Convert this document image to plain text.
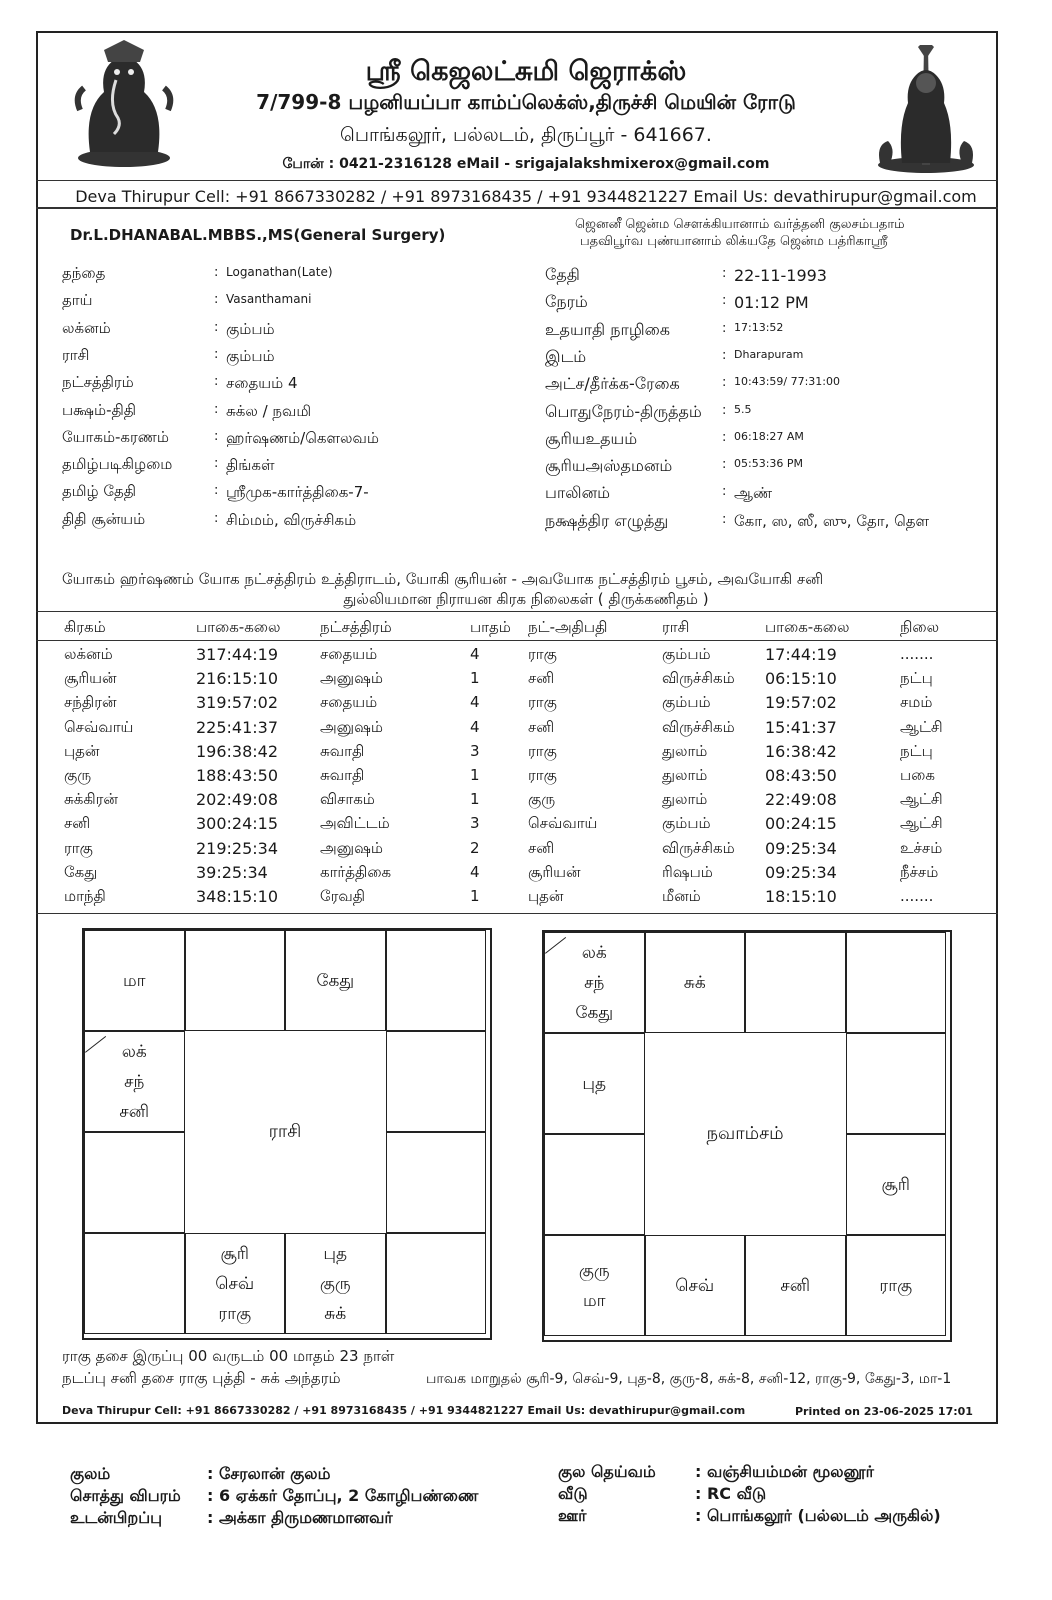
ஸ்ரீ கெஜலட்சுமி ஜெராக்ஸ்
7/799-8 பழனியப்பா காம்ப்லெக்ஸ்,திருச்சி மெயின் ரோடு
பொங்கலூர், பல்லடம், திருப்பூர் - 641667.
போன் : 0421-2316128 eMail - srigajalakshmixerox@gmail.com
Deva Thirupur Cell: +91 8667330282 / +91 8973168435 / +91 9344821227 Email Us: devathirupur@gmail.com
Dr.L.DHANABAL.MBBS.,MS(General Surgery)
ஜெனனீ ஜென்ம சௌக்கியானாம் வர்த்தனி குலசம்பதாம்
பதவிபூர்வ புண்யானாம் லிக்யதே ஜென்ம பத்ரிகாஸ்ரீ
தந்தை	: Loganathan(Late)
தாய்	: Vasanthamani
லக்னம்	: கும்பம்
ராசி	: கும்பம்
நட்சத்திரம்	: சதையம் 4
பக்ஷம்-திதி	: சுக்ல / நவமி
யோகம்-கரணம்	: ஹர்ஷணம்/கௌலவம்
தமிழ்படிகிழமை	: திங்கள்
தமிழ் தேதி	: ஸ்ரீமுக-கார்த்திகை-7-
திதி சூன்யம்	: சிம்மம், விருச்சிகம்
தேதி	: 22-11-1993
நேரம்	: 01:12 PM
உதயாதி நாழிகை	: 17:13:52
இடம்	: Dharapuram
அட்ச/தீர்க்க-ரேகை	: 10:43:59/ 77:31:00
பொதுநேரம்-திருத்தம் : 5.5
சூரியஉதயம்	: 06:18:27 AM
சூரியஅஸ்தமனம்	: 05:53:36 PM
பாலினம்	: ஆண்
நக்ஷத்திர எழுத்து	: கோ, ஸ, ஸீ, ஸு, தோ, தெள
யோகம் ஹர்ஷணம் யோக நட்சத்திரம் உத்திராடம், யோகி சூரியன் - அவயோக நட்சத்திரம் பூசம், அவயோகி சனி
துல்லியமான நிராயன கிரக நிலைகள் ( திருக்கணிதம் )
கிரகம்	பாகை-கலை	நட்சத்திரம்	பாதம் நட்-அதிபதி	ராசி	பாகை-கலை	நிலை
லக்னம்	317:44:19	சதையம்	4	ராகு	கும்பம்	17:44:19	.......
சூரியன்	216:15:10	அனுஷம்	1	சனி	விருச்சிகம் 06:15:10	நட்பு
சந்திரன்	319:57:02	சதையம்	4	ராகு	கும்பம்	19:57:02	சமம்
செவ்வாய்	225:41:37	அனுஷம்	4	சனி	விருச்சிகம் 15:41:37	ஆட்சி
புதன்	196:38:42	சுவாதி	3	ராகு	துலாம்	16:38:42	நட்பு
குரு	188:43:50	சுவாதி	1	ராகு	துலாம்	08:43:50	பகை
சுக்கிரன்	202:49:08	விசாகம்	1	குரு	துலாம்	22:49:08	ஆட்சி
சனி	300:24:15	அவிட்டம்	3	செவ்வாய்	கும்பம்	00:24:15	ஆட்சி
ராகு	219:25:34	அனுஷம்	2	சனி	விருச்சிகம் 09:25:34	உச்சம்
கேது	39:25:34	கார்த்திகை	4	சூரியன்	ரிஷபம்	09:25:34	நீச்சம்
மாந்தி	348:15:10	ரேவதி	1	புதன்	மீனம்	18:15:10	.......
மா	கேது
லக்
சந்
சனி
சூரி
செவ்
ராகு
புத
குரு
சுக்
ராசி
லக்
சந்
கேது
சுக்
புத
சூரி
குரு
மா
செவ்	சனி	ராகு
நவாம்சம்
ராகு தசை இருப்பு 00 வருடம் 00 மாதம் 23 நாள்
நடப்பு சனி தசை ராகு புத்தி - சுக் அந்தரம்	பாவக மாறுதல் சூரி-9, செவ்-9, புத-8, குரு-8, சுக்-8, சனி-12, ராகு-9, கேது-3, மா-1
Deva Thirupur Cell: +91 8667330282 / +91 8973168435 / +91 9344821227 Email Us: devathirupur@gmail.com	Printed on 23-06-2025 17:01
குலம்	: சேரலான் குலம்
சொத்து விபரம் : 6 ஏக்கர் தோப்பு, 2 கோழிபண்ணை
உடன்பிறப்பு	: அக்கா திருமணமானவர்
குல தெய்வம் : வஞ்சியம்மன் மூலனூர்
வீடு	: RC வீடு
ஊர்	: பொங்கலூர் (பல்லடம் அருகில்)
